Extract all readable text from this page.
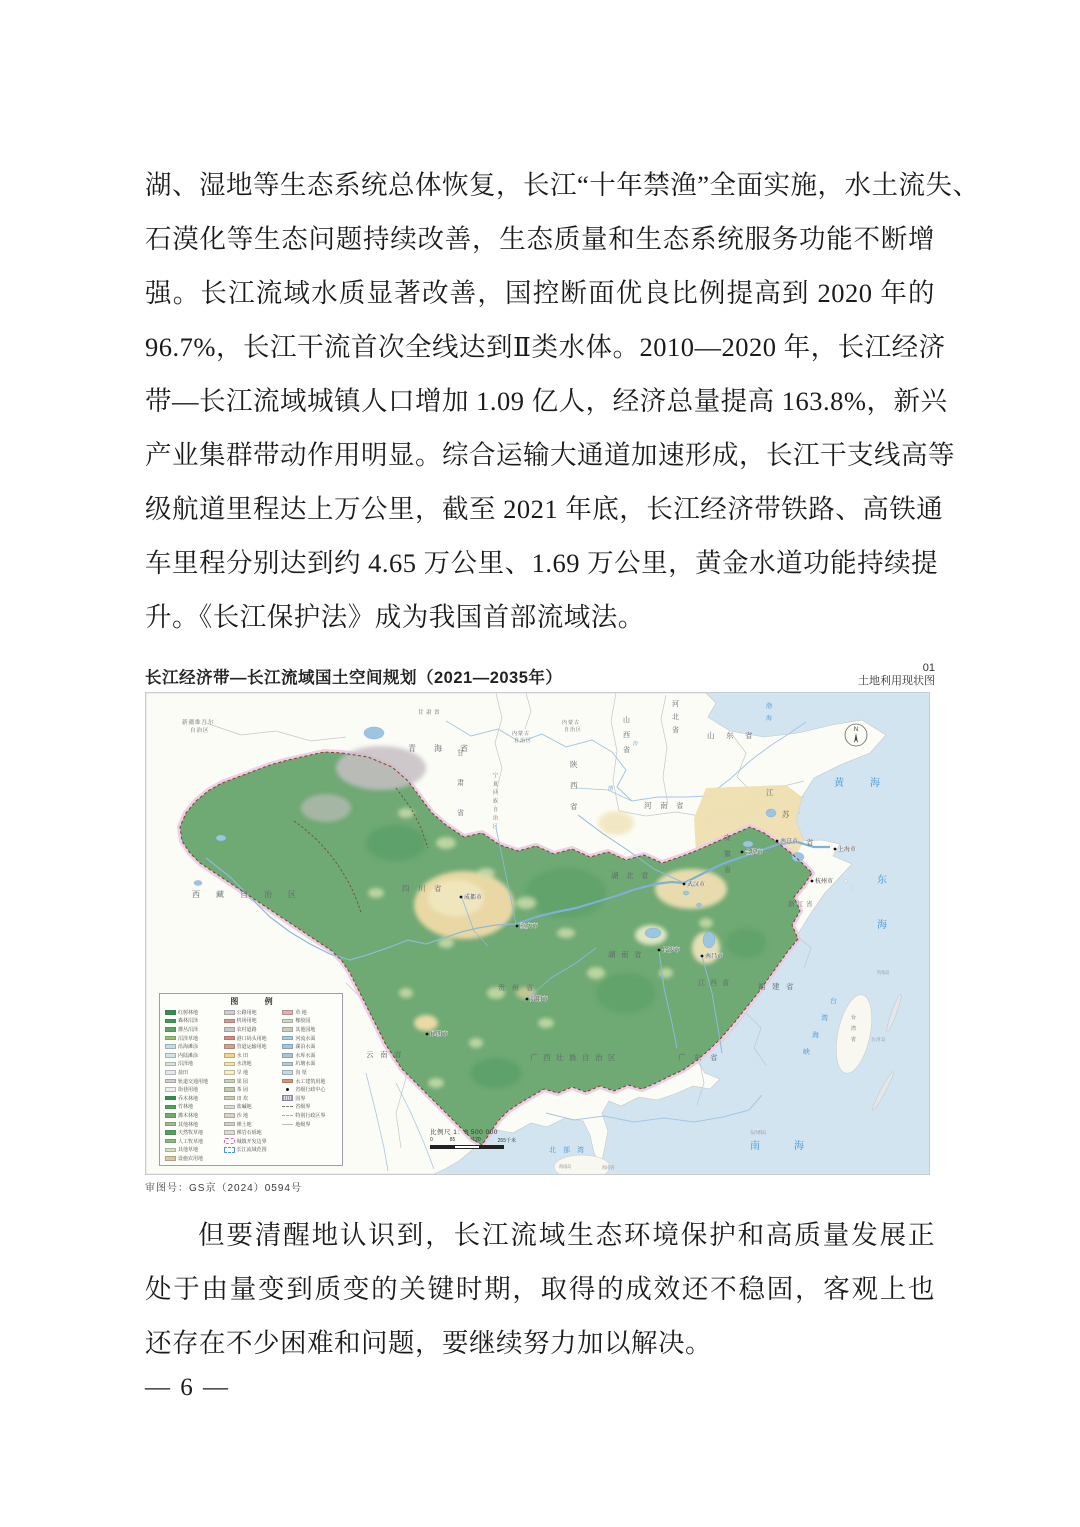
湖、湿地等生态系统总体恢复，长江“十年禁渔”全面实施，水土流失、
石漠化等生态问题持续改善，生态质量和生态系统服务功能不断增
强。长江流域水质显著改善，国控断面优良比例提高到 2020 年的
96.7%，长江干流首次全线达到Ⅱ类水体。2010—2020 年，长江经济
带—长江流域城镇人口增加 1.09 亿人，经济总量提高 163.8%，新兴
产业集群带动作用明显。综合运输大通道加速形成，长江干支线高等
级航道里程达上万公里，截至 2021 年底，长江经济带铁路、高铁通
车里程分别达到约 4.65 万公里、1.69 万公里，黄金水道功能持续提
升。《长江保护法》成为我国首部流域法。
长江经济带—长江流域国土空间规划（2021—2035年）
01
土地利用现状图
N
新 疆 维 吾 尔
自 治 区
甘 肃 省
内 蒙 古
自 治 区
内 蒙 古
自 治 区
宁
夏
回
族
自
治
区
甘
肃
省
青 海 省
西 藏 自 治 区
四 川 省
陕
西
省
山
西
省
河
北
省
河 南 省
山 东 省
江
苏
省
安
徽
省
湖 北 省
湖 南 省
江 西 省
浙 江 省
贵 州 省
云 南 省	广 西 壮 族 自 治 区	广 东 省
福 建 省
台
湾
省
渤
海
黄	海
东
海
台
湾
海
峡
南	海
北 部 湾
台 湾 岛
钓 鱼 岛
东 沙 群 岛
海 南 岛	海 南 省
汾
渭
成都市
重庆市
武汉市
长沙市
南昌市
贵阳市
昆明市
南京市
合肥市	上海市
杭州市
图 例
红树林地
森林沼泽
灌丛沼泽
沼泽草地
沿海滩涂
内陆滩涂
沼泽地
盐田
轨道交通用地
街巷用地
乔木林地
竹林地
灌木林地
其他林地
天然牧草地
人工牧草地
其他草地
设施农用地
公路用地
机场用地
农村道路
港口码头用地
管道运输用地
水 田
水浇地
旱 地
果 园
茶 园
田 坎
盐碱地
沙 地
裸土地
裸岩石砾地
城镇开发边界
长江流域范围
草 地
橡胶园
其他园地
河流水面
湖泊水面
水库水面
坑塘水面
沟 渠
水工建筑用地
省级行政中心
国界
省级界
特别行政区界
地级界
比例尺 1：8 500 000
0	85	170	255千米
审图号：GS京（2024）0594号
但要清醒地认识到，长江流域生态环境保护和高质量发展正
处于由量变到质变的关键时期，取得的成效还不稳固，客观上也
还存在不少困难和问题，要继续努力加以解决。
— 6 —
